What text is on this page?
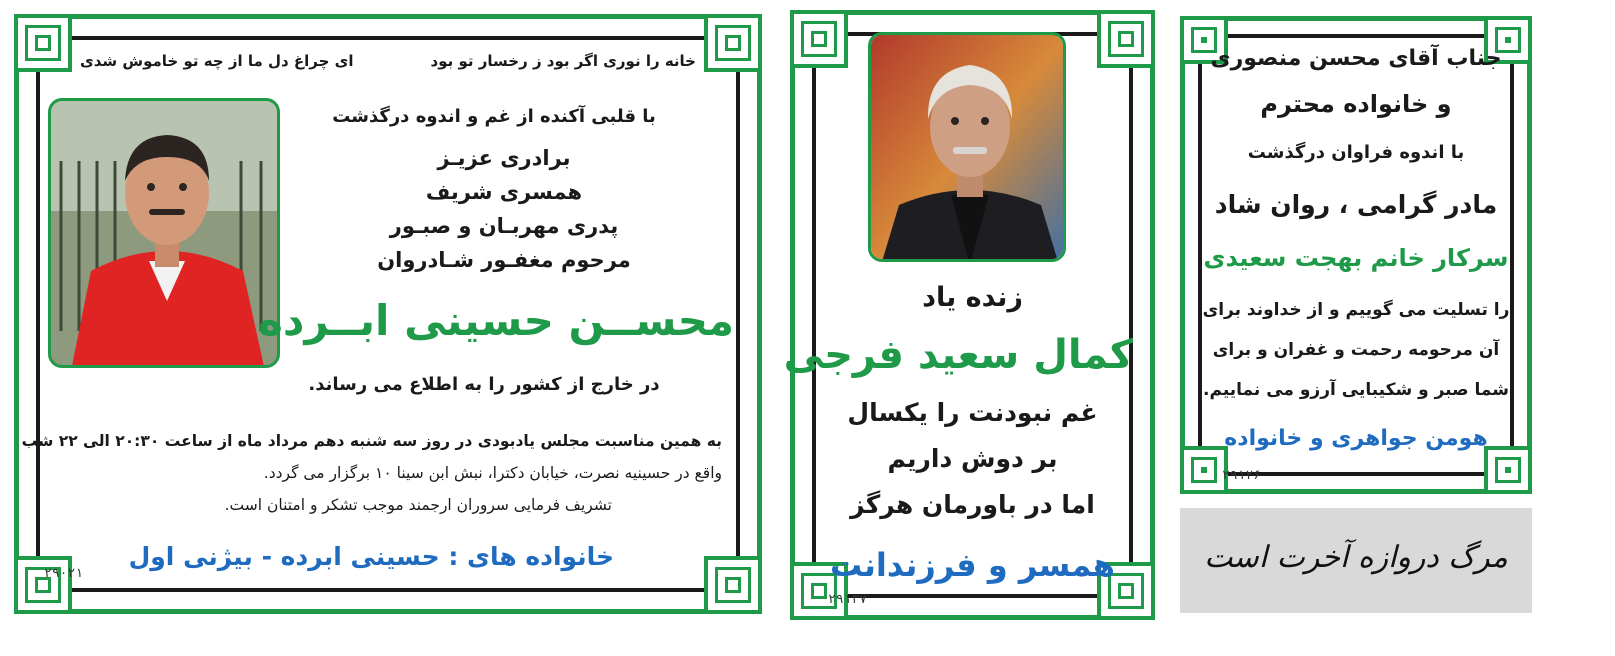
خانه را نوری اگر بود ز رخسار تو بود
ای چراغ دل ما از چه تو خاموش شدی
با قلبی آکنده از غم و اندوه درگذشت
برادری عزیـز
همسری شریف
پدری مهربـان و صبـور
مرحوم مغفـور شـادروان
محســن حسینی ابــرده
در خارج از کشور را به اطلاع می رساند.
به همین مناسبت مجلس یادبودی در روز سه شنبه دهم مرداد ماه از ساعت ۲۰:۳۰ الی ۲۲ شب
واقع در حسینیه نصرت، خیابان دکترا، نبش ابن سینا ۱۰ برگزار می گردد.
تشریف فرمایی سروران ارجمند موجب تشکر و امتنان است.
خانواده های : حسینی ابرده - بیژنی اول
۲۹۰۲۱
زنده یاد
کمال سعید فرجی
غم نبودنت را یکسال
بر دوش داریم
اما در باورمان هرگز
همسر و فرزندانت
۲۹۱۳۷
جناب آقای محسن منصوری
و خانواده محترم
با اندوه فراوان درگذشت
مادر گرامی ، روان شاد
سرکار خانم بهجت سعیدی
را تسلیت می گوییم و از خداوند برای
آن مرحومه رحمت و غفران و برای
شما صبر و شکیبایی آرزو می نماییم.
هومن جواهری و خانواده
۲۹۱۲۶
مرگ دروازه آخرت است
